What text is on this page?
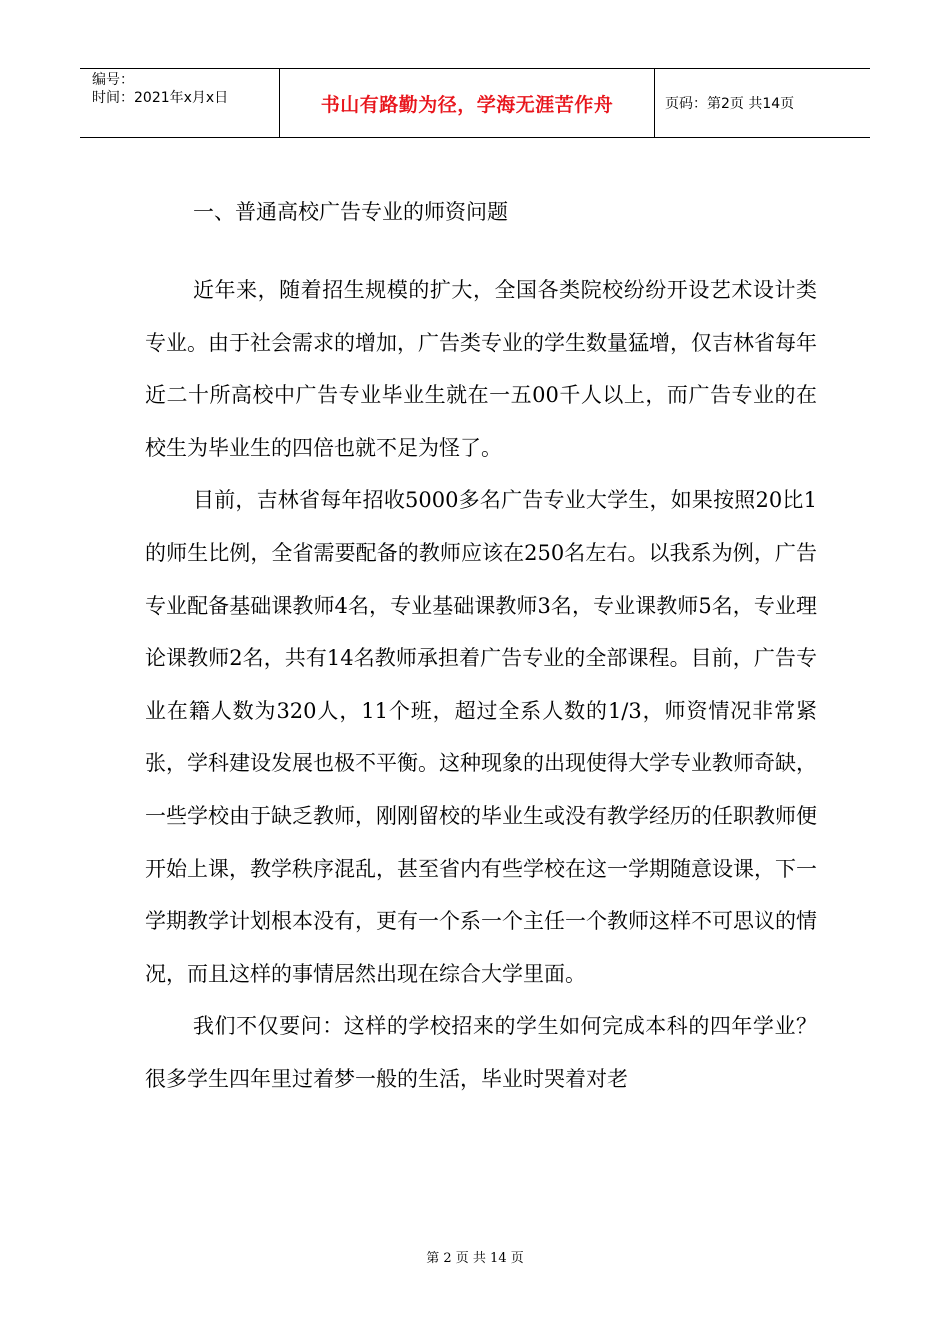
编号：
时间：2021年x月x日	书山有路勤为径，学海无涯苦作舟	页码：第2页 共14页
一、普通高校广告专业的师资问题

近年来，随着招生规模的扩大，全国各类院校纷纷开设艺术设计类专业。由于社会需求的增加，广告类专业的学生数量猛增，仅吉林省每年近二十所高校中广告专业毕业生就在一五00千人以上，而广告专业的在校生为毕业生的四倍也就不足为怪了。

目前，吉林省每年招收5000多名广告专业大学生，如果按照20比1的师生比例，全省需要配备的教师应该在250名左右。以我系为例，广告专业配备基础课教师4名，专业基础课教师3名，专业课教师5名，专业理论课教师2名，共有14名教师承担着广告专业的全部课程。目前，广告专业在籍人数为320人，11个班，超过全系人数的1/3，师资情况非常紧张，学科建设发展也极不平衡。这种现象的出现使得大学专业教师奇缺，一些学校由于缺乏教师，刚刚留校的毕业生或没有教学经历的任职教师便开始上课，教学秩序混乱，甚至省内有些学校在这一学期随意设课，下一学期教学计划根本没有，更有一个系一个主任一个教师这样不可思议的情况，而且这样的事情居然出现在综合大学里面。

我们不仅要问：这样的学校招来的学生如何完成本科的四年学业？很多学生四年里过着梦一般的生活，毕业时哭着对老

第 2 页 共 14 页
